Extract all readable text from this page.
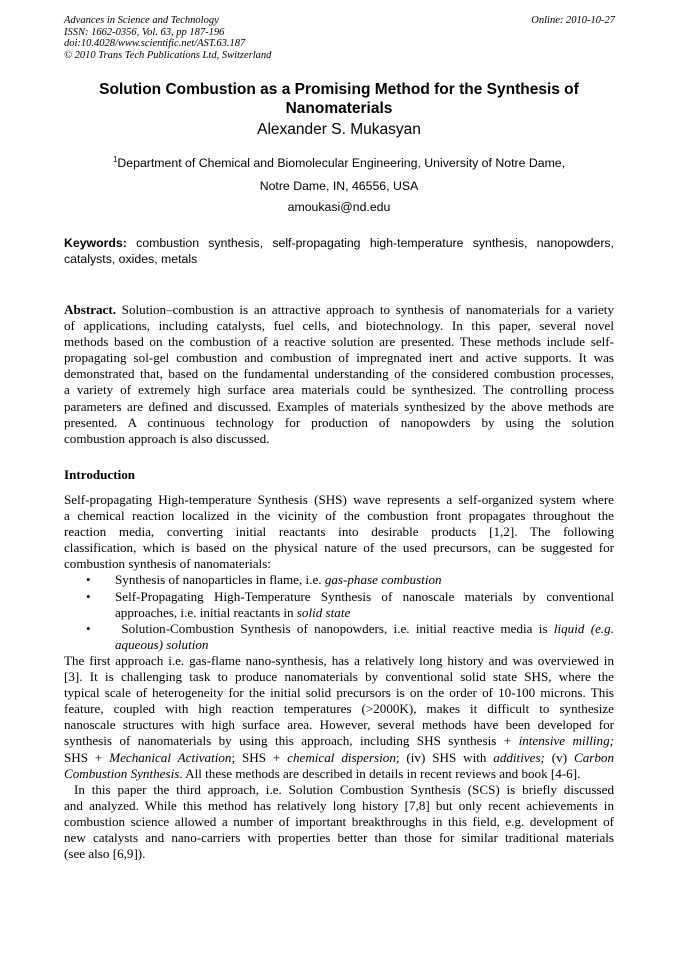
Advances in Science and Technology
ISSN: 1662-0356, Vol. 63, pp 187-196
doi:10.4028/www.scientific.net/AST.63.187
© 2010 Trans Tech Publications Ltd, Switzerland
Online: 2010-10-27
Solution Combustion as a Promising Method for the Synthesis of
Nanomaterials
Alexander S. Mukasyan
$^1$Department of Chemical and Biomolecular Engineering, University of Notre Dame,
Notre Dame, IN, 46556, USA
amoukasi@nd.edu
Keywords: combustion synthesis, self-propagating high-temperature synthesis, nanopowders,
catalysts, oxides, metals
Abstract. Solution–combustion is an attractive approach to synthesis of nanomaterials for a variety
of applications, including catalysts, fuel cells, and biotechnology. In this paper, several novel
methods based on the combustion of a reactive solution are presented. These methods include self-
propagating sol-gel combustion and combustion of impregnated inert and active supports. It was
demonstrated that, based on the fundamental understanding of the considered combustion processes,
a variety of extremely high surface area materials could be synthesized. The controlling process
parameters are defined and discussed. Examples of materials synthesized by the above methods are
presented. A continuous technology for production of nanopowders by using the solution
combustion approach is also discussed.
Introduction
Self-propagating High-temperature Synthesis (SHS) wave represents a self-organized system where
a chemical reaction localized in the vicinity of the combustion front propagates throughout the
reaction media, converting initial reactants into desirable products [1,2]. The following
classification, which is based on the physical nature of the used precursors, can be suggested for
combustion synthesis of nanomaterials:
• Synthesis of nanoparticles in flame, i.e. gas-phase combustion
• Self-Propagating High-Temperature Synthesis of nanoscale materials by conventional
approaches, i.e. initial reactants in solid state
• Solution-Combustion Synthesis of nanopowders, i.e. initial reactive media is liquid (e.g.
aqueous) solution
The first approach i.e. gas-flame nano-synthesis, has a relatively long history and was overviewed in
[3]. It is challenging task to produce nanomaterials by conventional solid state SHS, where the
typical scale of heterogeneity for the initial solid precursors is on the order of 10-100 microns. This
feature, coupled with high reaction temperatures (>2000K), makes it difficult to synthesize
nanoscale structures with high surface area. However, several methods have been developed for
synthesis of nanomaterials by using this approach, including SHS synthesis + intensive milling;
SHS + Mechanical Activation; SHS + chemical dispersion; (iv) SHS with additives; (v) Carbon
Combustion Synthesis. All these methods are described in details in recent reviews and book [4-6].
In this paper the third approach, i.e. Solution Combustion Synthesis (SCS) is briefly discussed
and analyzed. While this method has relatively long history [7,8] but only recent achievements in
combustion science allowed a number of important breakthroughs in this field, e.g. development of
new catalysts and nano-carriers with properties better than those for similar traditional materials
(see also [6,9]).
